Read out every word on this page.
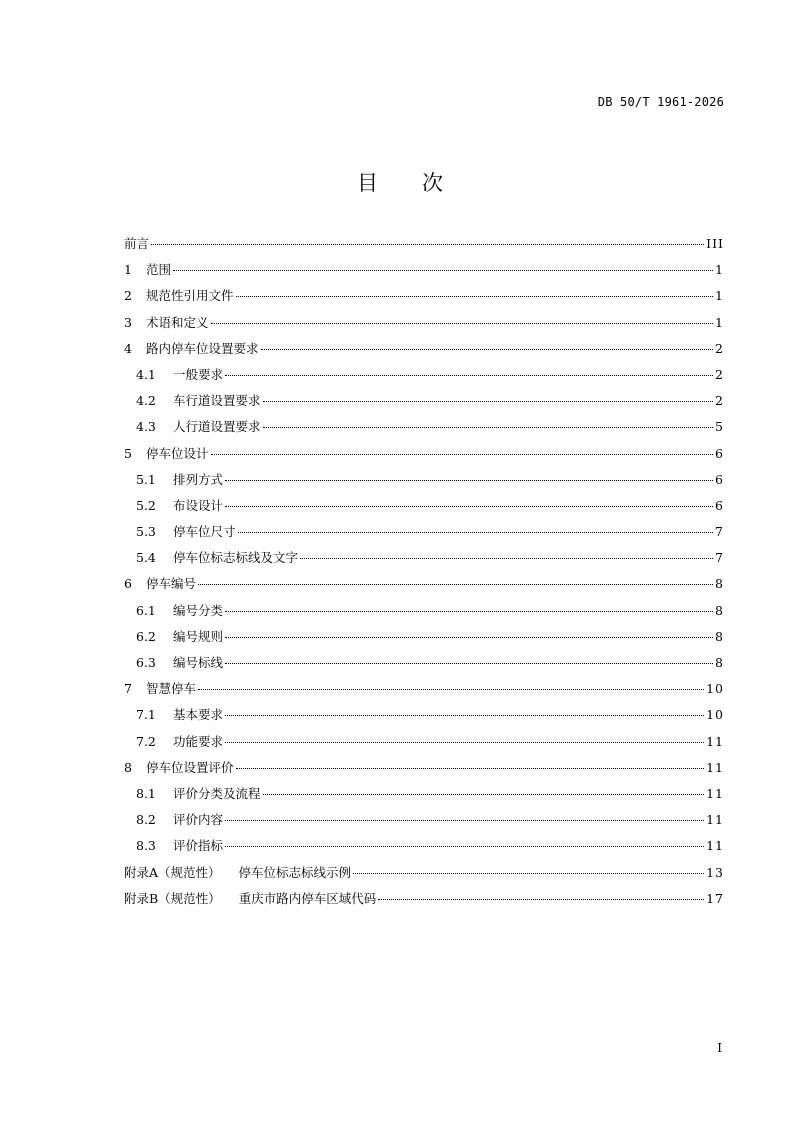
DB 50/T 1961-2026
目 次
前言	III
1	范围	1
2	规范性引用文件	1
3	术语和定义	1
4	路内停车位设置要求	2
4.1	一般要求	2
4.2	车行道设置要求	2
4.3	人行道设置要求	5
5	停车位设计	6
5.1	排列方式	6
5.2	布设设计	6
5.3	停车位尺寸	7
5.4	停车位标志标线及文字	7
6	停车编号	8
6.1	编号分类	8
6.2	编号规则	8
6.3	编号标线	8
7	智慧停车	10
7.1	基本要求	10
7.2	功能要求	11
8	停车位设置评价	11
8.1	评价分类及流程	11
8.2	评价内容	11
8.3	评价指标	11
附录A（规范性） 停车位标志标线示例	13
附录B（规范性） 重庆市路内停车区域代码	17
I
